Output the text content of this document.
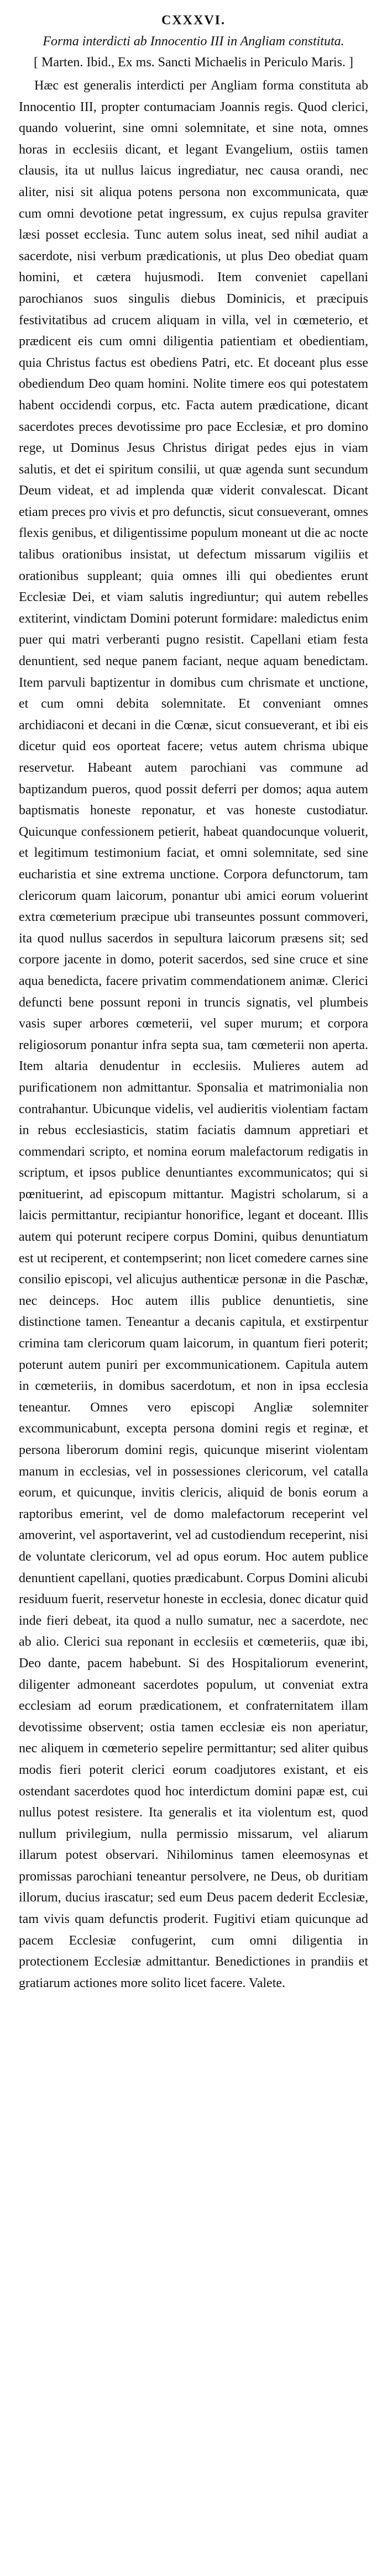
CXXXVI.

Forma interdicti ab Innocentio III in Angliam constituta.

[ Marten. Ibid., Ex ms. Sancti Michaelis in Periculo Maris. ]

Hæc est generalis interdicti per Angliam forma constituta ab Innocentio III, propter contumaciam Joannis regis. Quod clerici, quando voluerint, sine omni solemnitate, et sine nota, omnes horas in ecclesiis dicant, et legant Evangelium, ostiis tamen clausis, ita ut nullus laicus ingrediatur, nec causa orandi, nec aliter, nisi sit aliqua potens persona non excommunicata, quæ cum omni devotione petat ingressum, ex cujus repulsa graviter læsi posset ecclesia. Tunc autem solus ineat, sed nihil audiat a sacerdote, nisi verbum prædicationis, ut plus Deo obediat quam homini, et cætera hujusmodi. Item conveniet capellani parochianos suos singulis diebus Dominicis, et præcipuis festivitatibus ad crucem aliquam in villa, vel in cœmeterio, et prædicent eis cum omni diligentia patientiam et obedientiam, quia Christus factus est obediens Patri, etc. Et doceant plus esse obediendum Deo quam homini. Nolite timere eos qui potestatem habent occidendi corpus, etc. Facta autem prædicatione, dicant sacerdotes preces devotissime pro pace Ecclesiæ, et pro domino rege, ut Dominus Jesus Christus dirigat pedes ejus in viam salutis, et det ei spiritum consilii, ut quæ agenda sunt secundum Deum videat, et ad implenda quæ viderit convalescat. Dicant etiam preces pro vivis et pro defunctis, sicut consueverant, omnes flexis genibus, et diligentissime populum moneant ut die ac nocte talibus orationibus insistat, ut defectum missarum vigiliis et orationibus suppleant; quia omnes illi qui obedientes erunt Ecclesiæ Dei, et viam salutis ingrediuntur; qui autem rebelles extiterint, vindictam Domini poterunt formidare: maledictus enim puer qui matri verberanti pugno resistit. Capellani etiam festa denuntient, sed neque panem faciant, neque aquam benedictam. Item parvuli baptizentur in domibus cum chrismate et unctione, et cum omni debita solemnitate. Et conveniant omnes archidiaconi et decani in die Cœnæ, sicut consueverant, et ibi eis dicetur quid eos oporteat facere; vetus autem chrisma ubique reservetur. Habeant autem parochiani vas commune ad baptizandum pueros, quod possit deferri per domos; aqua autem baptismatis honeste reponatur, et vas honeste custodiatur. Quicunque confessionem petierit, habeat quandocunque voluerit, et legitimum testimonium faciat, et omni solemnitate, sed sine eucharistia et sine extrema unctione. Corpora defunctorum, tam clericorum quam laicorum, ponantur ubi amici eorum voluerint extra cœmeterium præcipue ubi transeuntes possunt commoveri, ita quod nullus sacerdos in sepultura laicorum præsens sit; sed corpore jacente in domo, poterit sacerdos, sed sine cruce et sine aqua benedicta, facere privatim commendationem animæ. Clerici defuncti bene possunt reponi in truncis signatis, vel plumbeis vasis super arbores cœmeterii, vel super murum; et corpora religiosorum ponantur infra septa sua, tam cœmeterii non aperta. Item altaria denudentur in ecclesiis. Mulieres autem ad purificationem non admittantur. Sponsalia et matrimonialia non contrahantur. Ubicunque videlis, vel audieritis violentiam factam in rebus ecclesiasticis, statim faciatis damnum appretiari et commendari scripto, et nomina eorum malefactorum redigatis in scriptum, et ipsos publice denuntiantes excommunicatos; qui si pœnituerint, ad episcopum mittantur. Magistri scholarum, si a laicis permittantur, recipiantur honorifice, legant et doceant. Illis autem qui poterunt recipere corpus Domini, quibus denuntiatum est ut reciperent, et contempserint; non licet comedere carnes sine consilio episcopi, vel alicujus authenticæ personæ in die Paschæ, nec deinceps. Hoc autem illis publice denuntietis, sine distinctione tamen. Teneantur a decanis capitula, et exstirpentur crimina tam clericorum quam laicorum, in quantum fieri poterit; poterunt autem puniri per excommunicationem. Capitula autem in cœmeteriis, in domibus sacerdotum, et non in ipsa ecclesia teneantur. Omnes vero episcopi Angliæ solemniter excommunicabunt, excepta persona domini regis et reginæ, et persona liberorum domini regis, quicunque miserint violentam manum in ecclesias, vel in possessiones clericorum, vel catalla eorum, et quicunque, invitis clericis, aliquid de bonis eorum a raptoribus emerint, vel de domo malefactorum receperint vel amoverint, vel asportaverint, vel ad custodiendum receperint, nisi de voluntate clericorum, vel ad opus eorum. Hoc autem publice denuntient capellani, quoties prædicabunt. Corpus Domini alicubi residuum fuerit, reservetur honeste in ecclesia, donec dicatur quid inde fieri debeat, ita quod a nullo sumatur, nec a sacerdote, nec ab alio. Clerici sua reponant in ecclesiis et cœmeteriis, quæ ibi, Deo dante, pacem habebunt. Si des Hospitaliorum evenerint, diligenter admoneant sacerdotes populum, ut conveniat extra ecclesiam ad eorum prædicationem, et confraternitatem illam devotissime observent; ostia tamen ecclesiæ eis non aperiatur, nec aliquem in cœmeterio sepelire permittantur; sed aliter quibus modis fieri poterit clerici eorum coadjutores existant, et eis ostendant sacerdotes quod hoc interdictum domini papæ est, cui nullus potest resistere. Ita generalis et ita violentum est, quod nullum privilegium, nulla permissio missarum, vel aliarum illarum potest observari. Nihilominus tamen eleemosynas et promissas parochiani teneantur persolvere, ne Deus, ob duritiam illorum, ducius irascatur; sed eum Deus pacem dederit Ecclesiæ, tam vivis quam defunctis proderit. Fugitivi etiam quicunque ad pacem Ecclesiæ confugerint, cum omni diligentia in protectionem Ecclesiæ admittantur. Benedictiones in prandiis et gratiarum actiones more solito licet facere. Valete.
